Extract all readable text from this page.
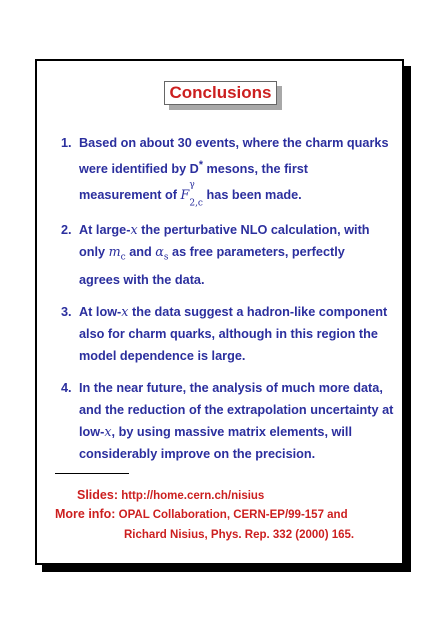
Conclusions
1. Based on about 30 events, where the charm quarks
were identified by D* mesons, the first
measurement of $F^\gamma$
$_{2,c}$ has been made.
2. At large-x the perturbative NLO calculation, with
only $m_c$ and $\alpha_s$ as free parameters, perfectly
agrees with the data.
3. At low-x the data suggest a hadron-like component also for charm quarks, although in this region the model dependence is large.
4. In the near future, the analysis of much more data, and the reduction of the extrapolation uncertainty at low-x, by using massive matrix elements, will considerably improve on the precision.
Slides: http://home.cern.ch/nisius
More info: OPAL Collaboration, CERN-EP/99-157 and
Richard Nisius, Phys. Rep. 332 (2000) 165.
